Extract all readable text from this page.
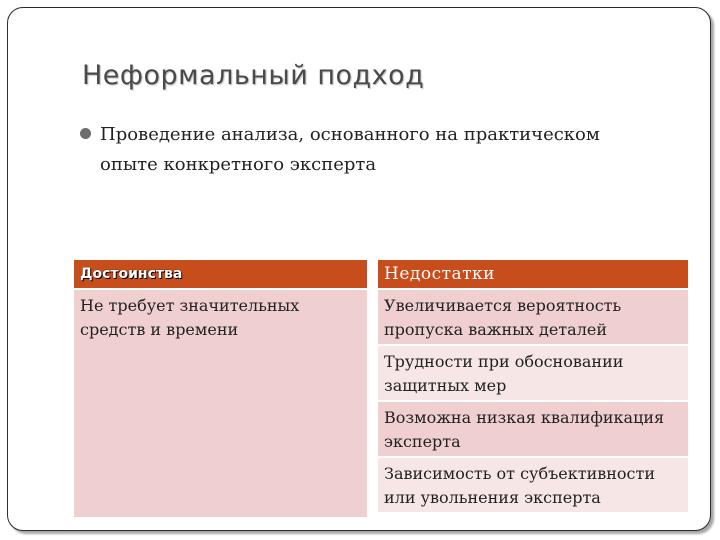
Неформальный подход
Проведение анализа, основанного на практическом опыте конкретного эксперта
Достоинства	Недостатки
Не требует значительных средств и времени
Увеличивается вероятность пропуска важных деталей
Трудности при обосновании защитных мер
Возможна низкая квалификация эксперта
Зависимость от субъективности или увольнения эксперта
